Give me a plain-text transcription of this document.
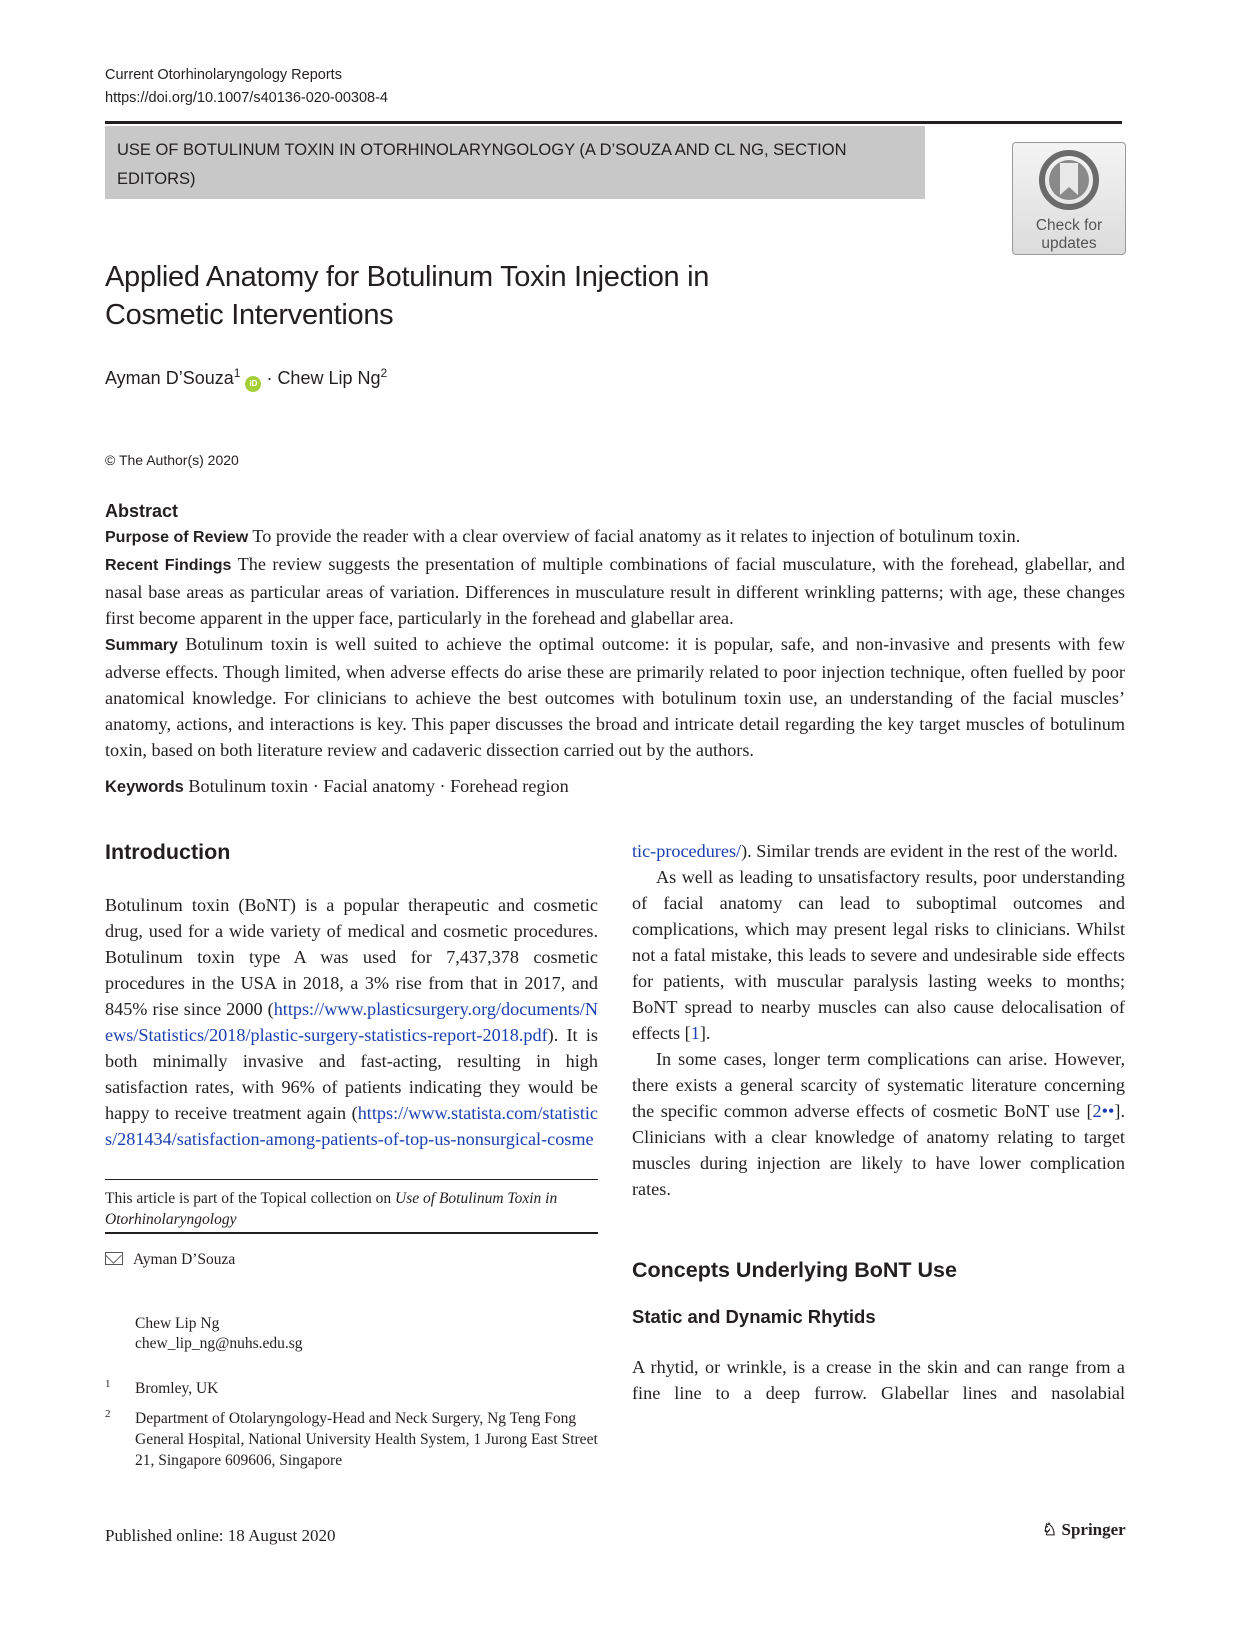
Current Otorhinolaryngology Reports
https://doi.org/10.1007/s40136-020-00308-4
USE OF BOTULINUM TOXIN IN OTORHINOLARYNGOLOGY (A D’SOUZA AND CL NG, SECTION
EDITORS)
Check for
updates
Applied Anatomy for Botulinum Toxin Injection in
Cosmetic Interventions
Ayman D’Souza$^1$ iD · Chew Lip Ng$^2$
© The Author(s) 2020
Abstract
Purpose of Review To provide the reader with a clear overview of facial anatomy as it relates to injection of botulinum toxin.
Recent Findings The review suggests the presentation of multiple combinations of facial musculature, with the forehead, glabellar, and nasal base areas as particular areas of variation. Differences in musculature result in different wrinkling patterns; with age, these changes first become apparent in the upper face, particularly in the forehead and glabellar area.
Summary Botulinum toxin is well suited to achieve the optimal outcome: it is popular, safe, and non-invasive and presents with few adverse effects. Though limited, when adverse effects do arise these are primarily related to poor injection technique, often fuelled by poor anatomical knowledge. For clinicians to achieve the best outcomes with botulinum toxin use, an understanding of the facial muscles’ anatomy, actions, and interactions is key. This paper discusses the broad and intricate detail regarding the key target muscles of botulinum toxin, based on both literature review and cadaveric dissection carried out by the authors.
Keywords Botulinum toxin · Facial anatomy · Forehead region
Introduction

Botulinum toxin (BoNT) is a popular therapeutic and cosmetic drug, used for a wide variety of medical and cosmetic procedures. Botulinum toxin type A was used for 7,437,378 cosmetic procedures in the USA in 2018, a 3% rise from that in 2017, and 845% rise since 2000 (https://www.plasticsurgery.org/documents/News/Statistics/2018/plastic-surgery-statistics-report-2018.pdf). It is both minimally invasive and fast-acting, resulting in high satisfaction rates, with 96% of patients indicating they would be happy to receive treatment again (https://www.statista.com/statistics/281434/satisfaction-among-patients-of-top-us-nonsurgical-cosme

This article is part of the Topical collection on Use of Botulinum Toxin in Otorhinolaryngology
Ayman D’Souza
Chew Lip Ng
chew_lip_ng@nuhs.edu.sg
1 Bromley, UK
2 Department of Otolaryngology-Head and Neck Surgery, Ng Teng Fong General Hospital, National University Health System, 1 Jurong East Street 21, Singapore 609606, Singapore

tic-procedures/). Similar trends are evident in the rest of the world.

As well as leading to unsatisfactory results, poor understanding of facial anatomy can lead to suboptimal outcomes and complications, which may present legal risks to clinicians. Whilst not a fatal mistake, this leads to severe and undesirable side effects for patients, with muscular paralysis lasting weeks to months; BoNT spread to nearby muscles can also cause delocalisation of effects [1].

In some cases, longer term complications can arise. However, there exists a general scarcity of systematic literature concerning the specific common adverse effects of cosmetic BoNT use [2••]. Clinicians with a clear knowledge of anatomy relating to target muscles during injection are likely to have lower complication rates.

Concepts Underlying BoNT Use
Static and Dynamic Rhytids

A rhytid, or wrinkle, is a crease in the skin and can range from a fine line to a deep furrow. Glabellar lines and nasolabial

Published online: 18 August 2020	♘ Springer
